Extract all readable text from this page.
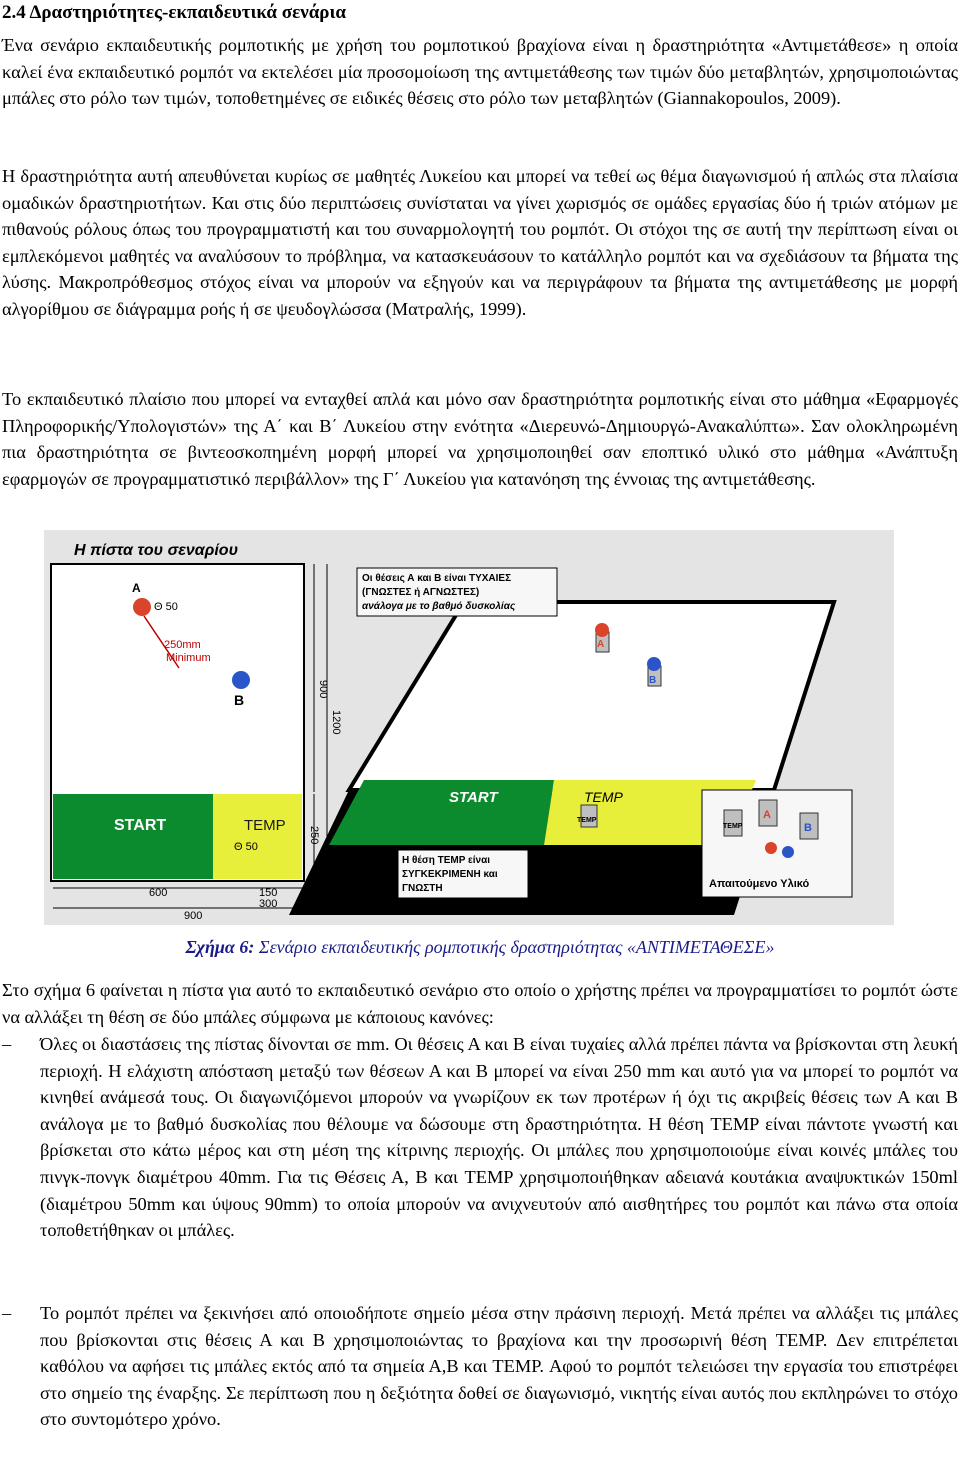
2.4 Δραστηριότητες-εκπαιδευτικά σενάρια

Ένα σενάριο εκπαιδευτικής ρομποτικής με χρήση του ρομποτικού βραχίονα είναι η δραστηριότητα «Αντιμετάθεσε» η οποία καλεί ένα εκπαιδευτικό ρομπότ να εκτελέσει μία προσομοίωση της αντιμετάθεσης των τιμών δύο μεταβλητών, χρησιμοποιώντας μπάλες στο ρόλο των τιμών, τοποθετημένες σε ειδικές θέσεις στο ρόλο των μεταβλητών (Giannakopoulos, 2009).

Η δραστηριότητα αυτή απευθύνεται κυρίως σε μαθητές Λυκείου και μπορεί να τεθεί ως θέμα διαγωνισμού ή απλώς στα πλαίσια ομαδικών δραστηριοτήτων. Και στις δύο περιπτώσεις συνίσταται να γίνει χωρισμός σε ομάδες εργασίας δύο ή τριών ατόμων με πιθανούς ρόλους όπως του προγραμματιστή και του συναρμολογητή του ρομπότ. Οι στόχοι της σε αυτή την περίπτωση είναι οι εμπλεκόμενοι μαθητές να αναλύσουν το πρόβλημα, να κατασκευάσουν το κατάλληλο ρομπότ και να σχεδιάσουν τα βήματα της λύσης. Μακροπρόθεσμος στόχος είναι να μπορούν να εξηγούν και να περιγράφουν τα βήματα της αντιμετάθεσης με μορφή αλγορίθμου σε διάγραμμα ροής ή σε ψευδογλώσσα (Ματραλής, 1999).

Το εκπαιδευτικό πλαίσιο που μπορεί να ενταχθεί απλά και μόνο σαν δραστηριότητα ρομποτικής είναι στο μάθημα «Εφαρμογές Πληροφορικής/Υπολογιστών» της Α΄ και Β΄ Λυκείου στην ενότητα «Διερευνώ-Δημιουργώ-Ανακαλύπτω». Σαν ολοκληρωμένη πια δραστηριότητα σε βιντεοσκοπημένη μορφή μπορεί να χρησιμοποιηθεί σαν εποπτικό υλικό στο μάθημα «Ανάπτυξη εφαρμογών σε προγραμματιστικό περιβάλλον» της Γ΄ Λυκείου για κατανόηση της έννοιας της αντιμετάθεσης.

Η πίστα του σεναρίου
START	TEMP
Θ 50
Θ 50
A
250mm
Minimum
B
900
1200
250
600	150
300
900
START	TEMP
TEMP
A
B
Οι θέσεις Α και Β είναι ΤΥΧΑΙΕΣ
(ΓΝΩΣΤΕΣ ή ΑΓΝΩΣΤΕΣ)
ανάλογα με το βαθμό δυσκολίας
Η θέση TEMP είναι
ΣΥΓΚΕΚΡΙΜΕΝΗ και
ΓΝΩΣΤΗ
TEMP
A
B
Απαιτούμενο Υλικό
Σχήμα 6: Σενάριο εκπαιδευτικής ρομποτικής δραστηριότητας «ΑΝΤΙΜΕΤΑΘΕΣΕ»

Στο σχήμα 6 φαίνεται η πίστα για αυτό το εκπαιδευτικό σενάριο στο οποίο ο χρήστης πρέπει να προγραμματίσει το ρομπότ ώστε να αλλάξει τη θέση σε δύο μπάλες σύμφωνα με κάποιους κανόνες:

–	Όλες οι διαστάσεις της πίστας δίνονται σε mm. Οι θέσεις Α και Β είναι τυχαίες αλλά πρέπει πάντα να βρίσκονται στη λευκή περιοχή. Η ελάχιστη απόσταση μεταξύ των θέσεων Α και Β μπορεί να είναι 250 mm και αυτό για να μπορεί το ρομπότ να κινηθεί ανάμεσά τους. Οι διαγωνιζόμενοι μπορούν να γνωρίζουν εκ των προτέρων ή όχι τις ακριβείς θέσεις των Α και Β ανάλογα με το βαθμό δυσκολίας που θέλουμε να δώσουμε στη δραστηριότητα. Η θέση TEMP είναι πάντοτε γνωστή και βρίσκεται στο κάτω μέρος και στη μέση της κίτρινης περιοχής. Οι μπάλες που χρησιμοποιούμε είναι κοινές μπάλες του πινγκ-πονγκ διαμέτρου 40mm. Για τις Θέσεις Α, Β και TEMP χρησιμοποιήθηκαν αδειανά κουτάκια αναψυκτικών 150ml (διαμέτρου 50mm και ύψους 90mm) το οποία μπορούν να ανιχνευτούν από αισθητήρες του ρομπότ και πάνω στα οποία τοποθετήθηκαν οι μπάλες.
–	Το ρομπότ πρέπει να ξεκινήσει από οποιοδήποτε σημείο μέσα στην πράσινη περιοχή. Μετά πρέπει να αλλάξει τις μπάλες που βρίσκονται στις θέσεις Α και Β χρησιμοποιώντας το βραχίονα και την προσωρινή θέση TEMP. Δεν επιτρέπεται καθόλου να αφήσει τις μπάλες εκτός από τα σημεία Α,Β και TEMP. Αφού το ρομπότ τελειώσει την εργασία του επιστρέφει στο σημείο της έναρξης. Σε περίπτωση που η δεξιότητα δοθεί σε διαγωνισμό, νικητής είναι αυτός που εκπληρώνει το στόχο στο συντομότερο χρόνο.
